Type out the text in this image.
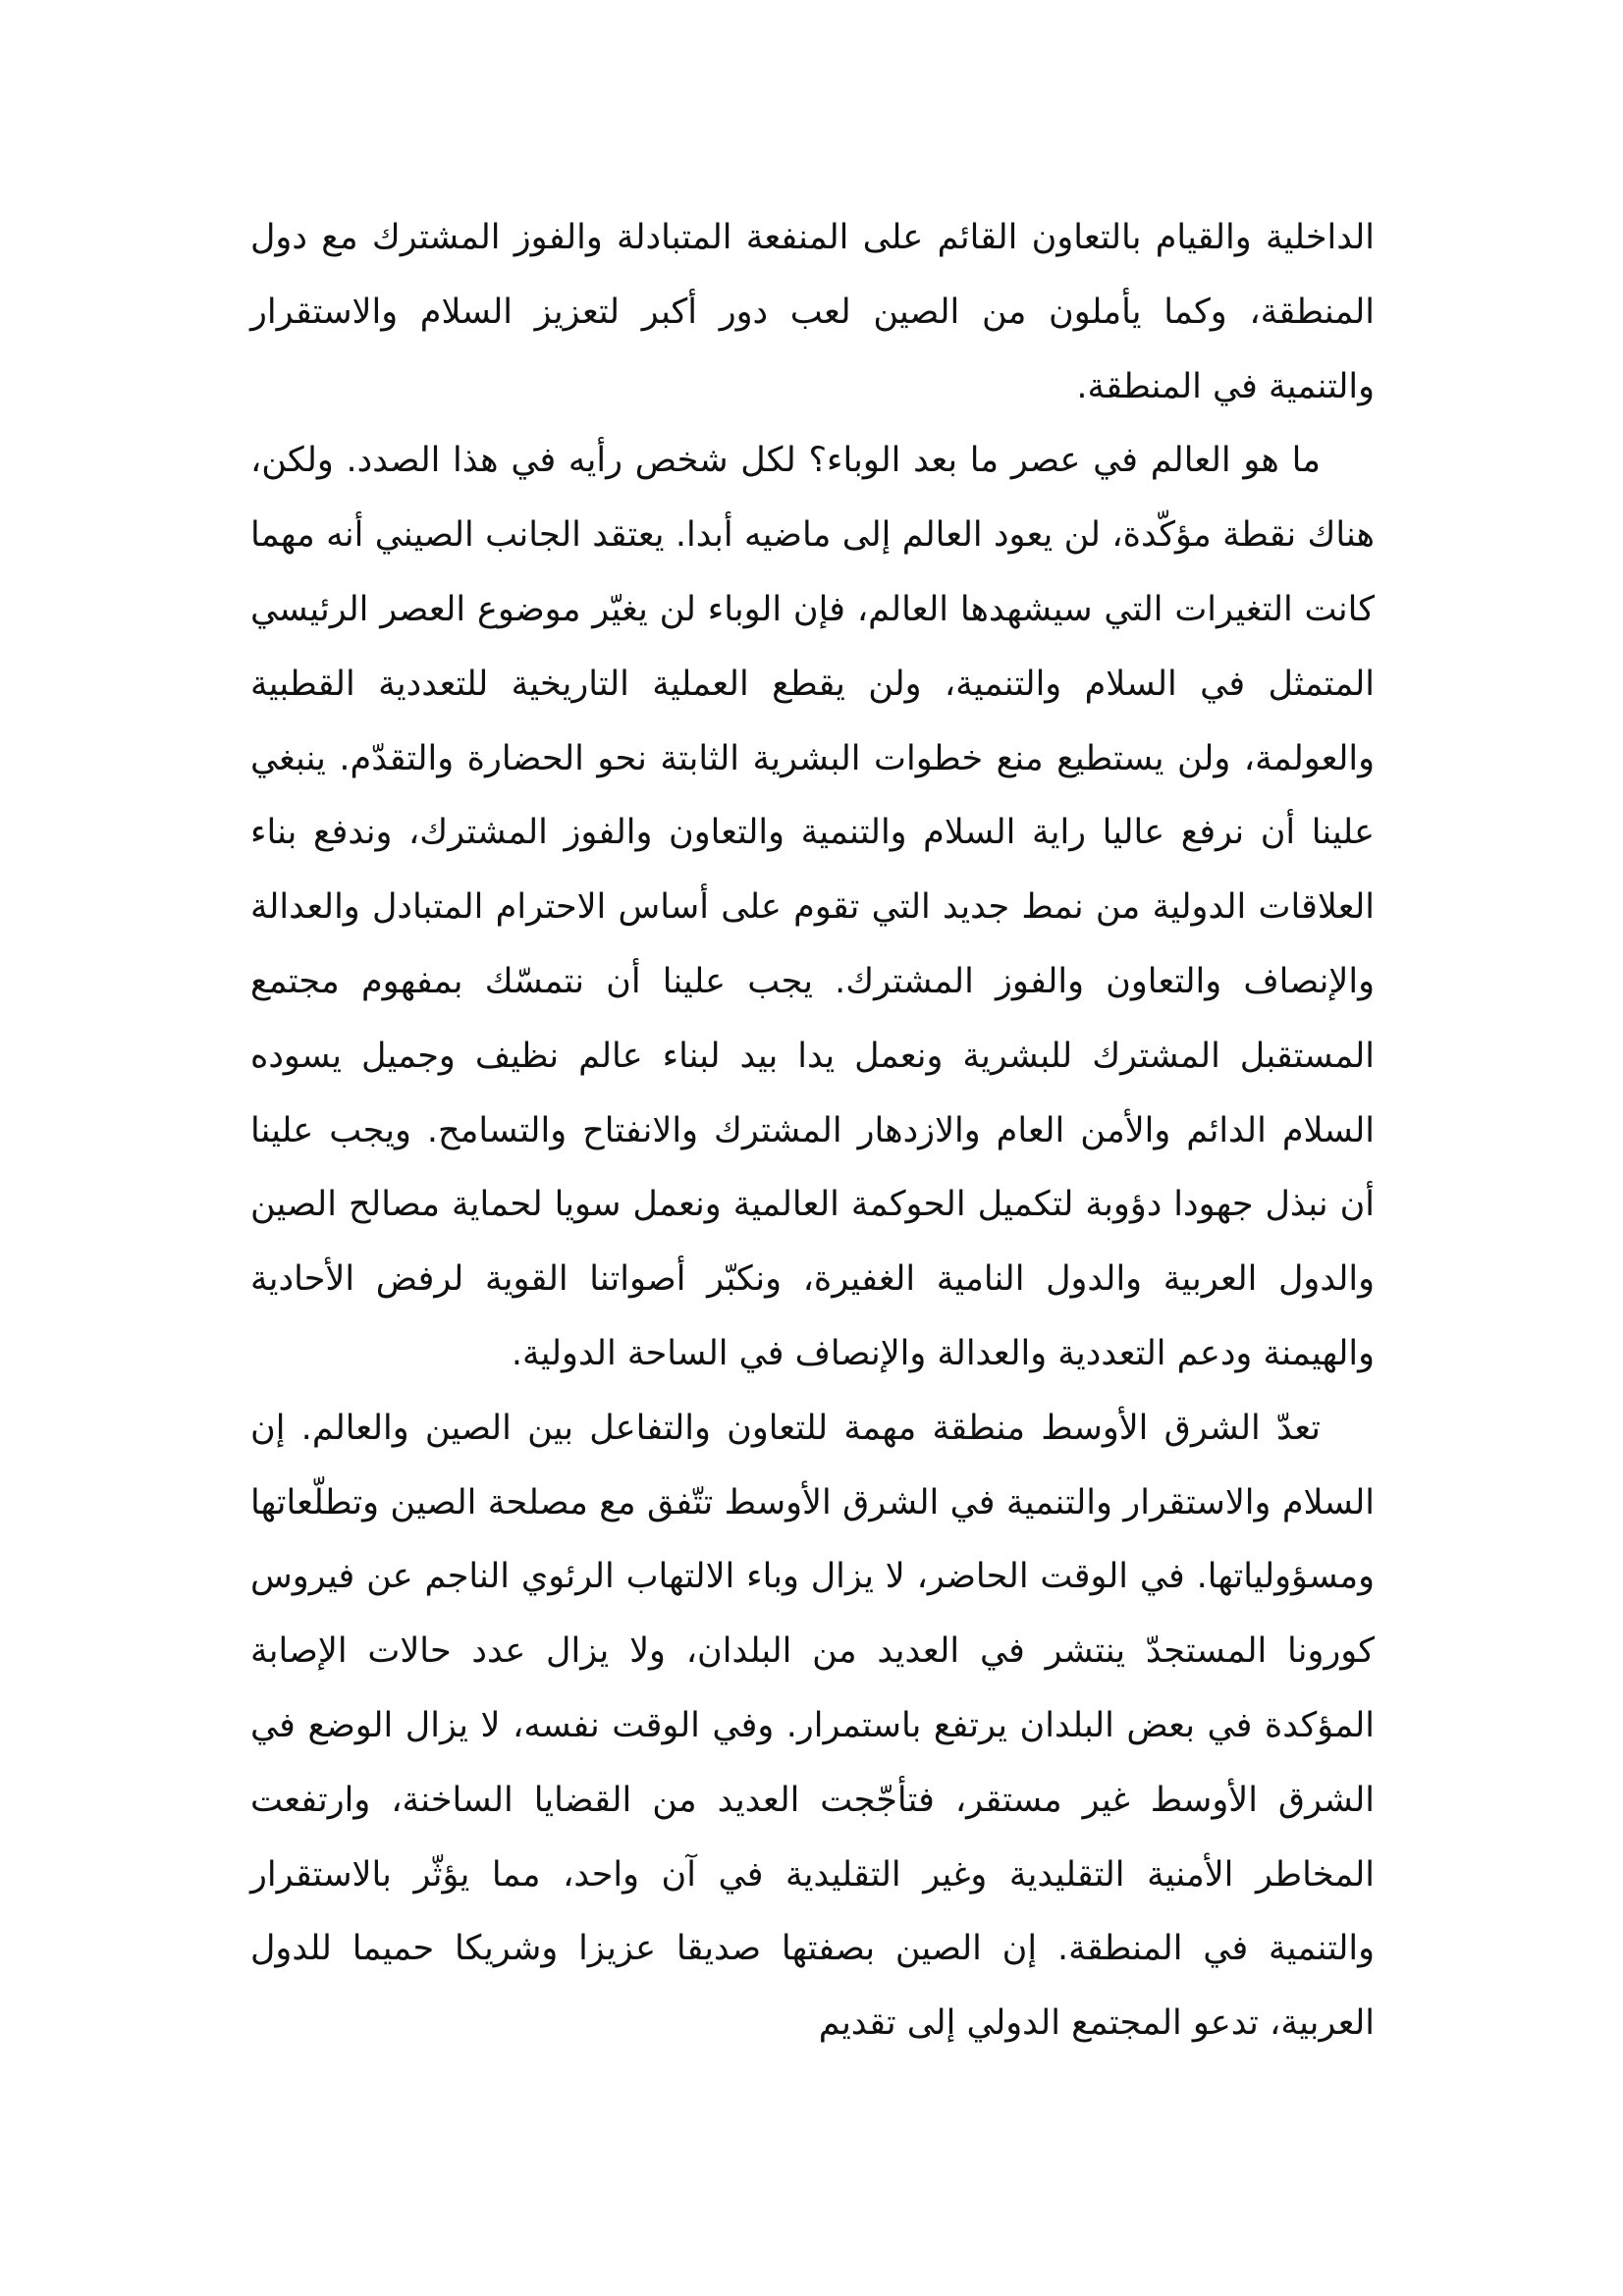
الداخلية والقيام بالتعاون القائم على المنفعة المتبادلة والفوز المشترك مع دول المنطقة، وكما يأملون من الصين لعب دور أكبر لتعزيز السلام والاستقرار والتنمية في المنطقة.

ما هو العالم في عصر ما بعد الوباء؟ لكل شخص رأيه في هذا الصدد. ولكن، هناك نقطة مؤكّدة، لن يعود العالم إلى ماضيه أبدا. يعتقد الجانب الصيني أنه مهما كانت التغيرات التي سيشهدها العالم، فإن الوباء لن يغيّر موضوع العصر الرئيسي المتمثل في السلام والتنمية، ولن يقطع العملية التاريخية للتعددية القطبية والعولمة، ولن يستطيع منع خطوات البشرية الثابتة نحو الحضارة والتقدّم. ينبغي علينا أن نرفع عاليا راية السلام والتنمية والتعاون والفوز المشترك، وندفع بناء العلاقات الدولية من نمط جديد التي تقوم على أساس الاحترام المتبادل والعدالة والإنصاف والتعاون والفوز المشترك. يجب علينا أن نتمسّك بمفهوم مجتمع المستقبل المشترك للبشرية ونعمل يدا بيد لبناء عالم نظيف وجميل يسوده السلام الدائم والأمن العام والازدهار المشترك والانفتاح والتسامح. ويجب علينا أن نبذل جهودا دؤوبة لتكميل الحوكمة العالمية ونعمل سويا لحماية مصالح الصين والدول العربية والدول النامية الغفيرة، ونكبّر أصواتنا القوية لرفض الأحادية والهيمنة ودعم التعددية والعدالة والإنصاف في الساحة الدولية.

تعدّ الشرق الأوسط منطقة مهمة للتعاون والتفاعل بين الصين والعالم. إن السلام والاستقرار والتنمية في الشرق الأوسط تتّفق مع مصلحة الصين وتطلّعاتها ومسؤولياتها. في الوقت الحاضر، لا يزال وباء الالتهاب الرئوي الناجم عن فيروس كورونا المستجدّ ينتشر في العديد من البلدان، ولا يزال عدد حالات الإصابة المؤكدة في بعض البلدان يرتفع باستمرار. وفي الوقت نفسه، لا يزال الوضع في الشرق الأوسط غير مستقر، فتأجّجت العديد من القضايا الساخنة، وارتفعت المخاطر الأمنية التقليدية وغير التقليدية في آن واحد، مما يؤثّر بالاستقرار والتنمية في المنطقة. إن الصين بصفتها صديقا عزيزا وشريكا حميما للدول العربية، تدعو المجتمع الدولي إلى تقديم
